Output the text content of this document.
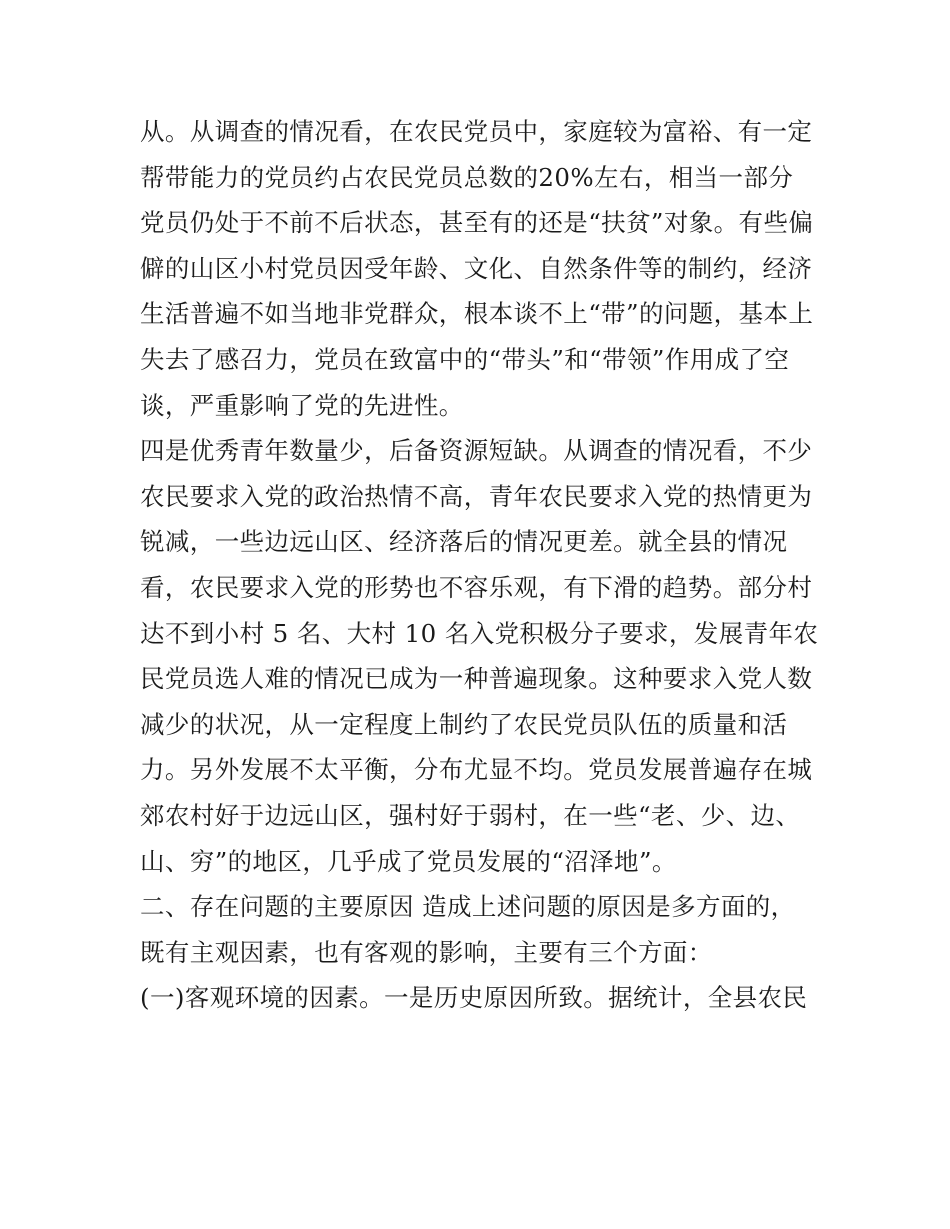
从。从调查的情况看，在农民党员中，家庭较为富裕、有一定
帮带能力的党员约占农民党员总数的20%左右，相当一部分
党员仍处于不前不后状态，甚至有的还是“扶贫”对象。有些偏
僻的山区小村党员因受年龄、文化、自然条件等的制约，经济
生活普遍不如当地非党群众，根本谈不上“带”的问题，基本上
失去了感召力，党员在致富中的“带头”和“带领”作用成了空
谈，严重影响了党的先进性。
四是优秀青年数量少，后备资源短缺。从调查的情况看，不少
农民要求入党的政治热情不高，青年农民要求入党的热情更为
锐减，一些边远山区、经济落后的情况更差。就全县的情况
看，农民要求入党的形势也不容乐观，有下滑的趋势。部分村
达不到小村 5 名、大村 10 名入党积极分子要求，发展青年农
民党员选人难的情况已成为一种普遍现象。这种要求入党人数
减少的状况，从一定程度上制约了农民党员队伍的质量和活
力。另外发展不太平衡，分布尤显不均。党员发展普遍存在城
郊农村好于边远山区，强村好于弱村，在一些“老、少、边、
山、穷”的地区，几乎成了党员发展的“沼泽地”。
二、存在问题的主要原因 造成上述问题的原因是多方面的，
既有主观因素，也有客观的影响，主要有三个方面：
(一)客观环境的因素。一是历史原因所致。据统计，全县农民
